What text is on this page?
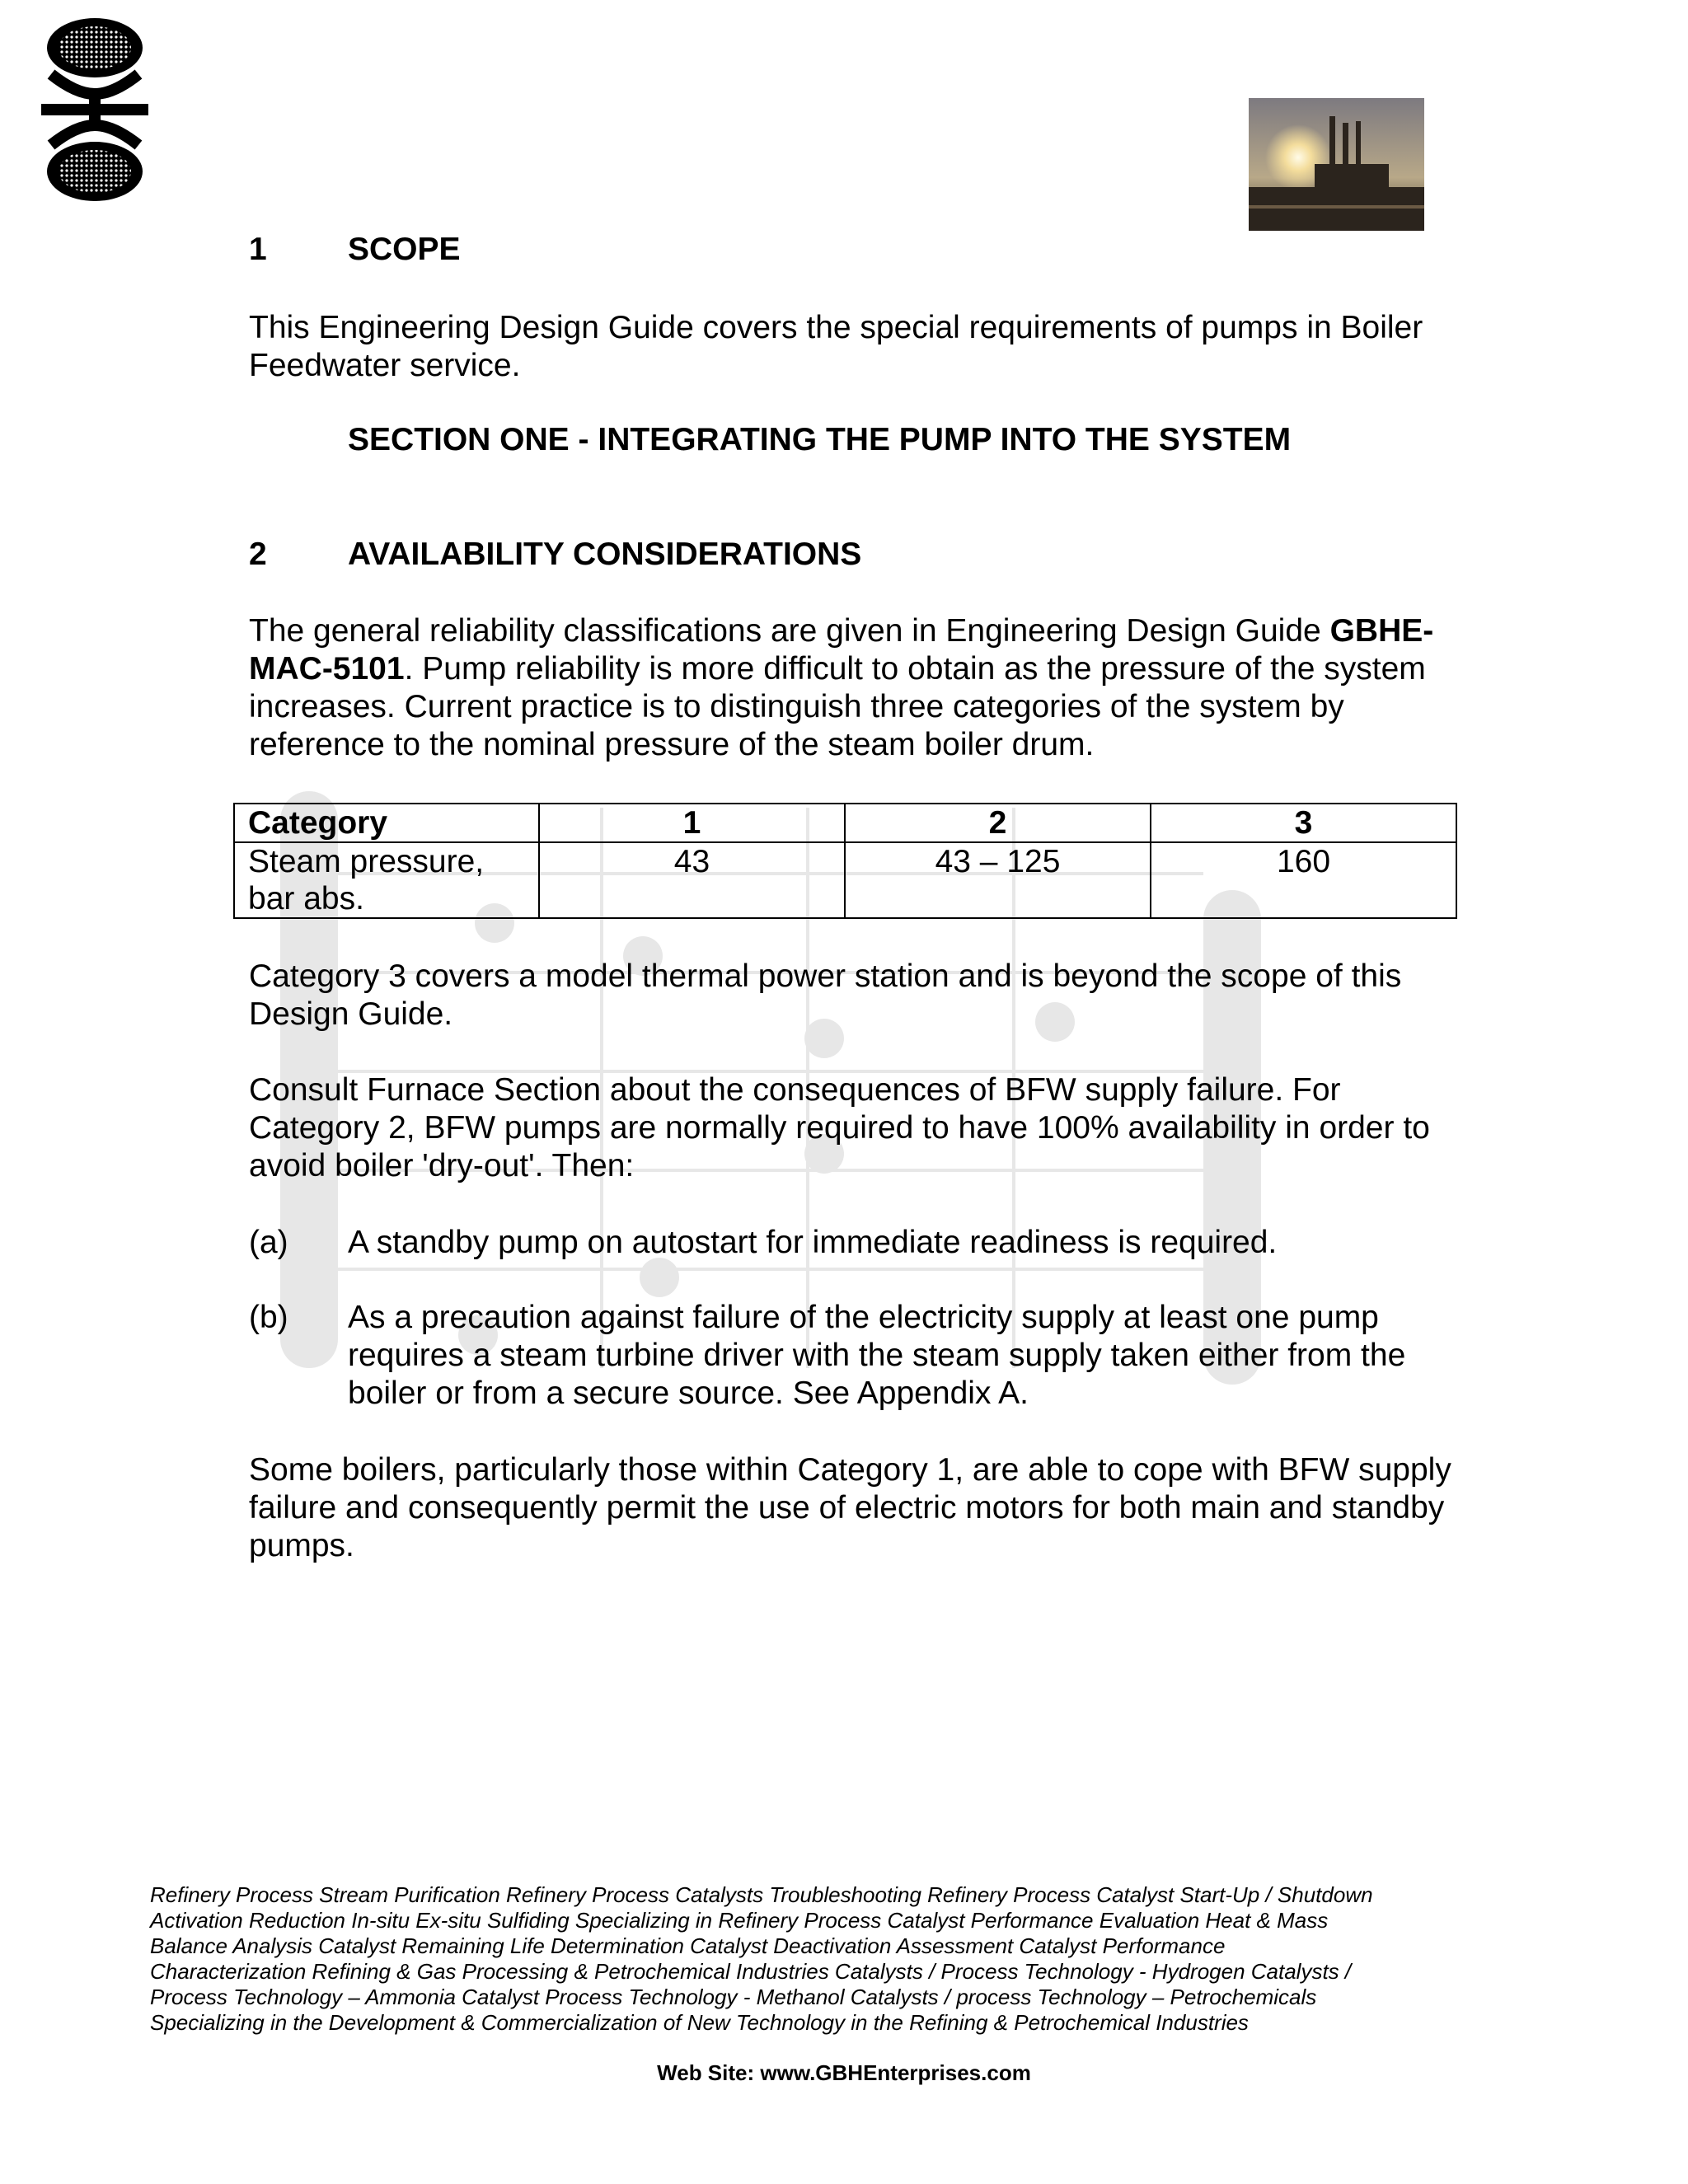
1	SCOPE
This Engineering Design Guide covers the special requirements of pumps in Boiler Feedwater service.
SECTION ONE - INTEGRATING THE PUMP INTO THE SYSTEM
2	AVAILABILITY CONSIDERATIONS
The general reliability classifications are given in Engineering Design Guide GBHE-MAC-5101. Pump reliability is more difficult to obtain as the pressure of the system increases. Current practice is to distinguish three categories of the system by reference to the nominal pressure of the steam boiler drum.
Category	1	2	3
Steam pressure, bar abs.	43	43 – 125	160
Category 3 covers a model thermal power station and is beyond the scope of this Design Guide.
Consult Furnace Section about the consequences of BFW supply failure. For Category 2, BFW pumps are normally required to have 100% availability in order to avoid boiler 'dry-out'. Then:
(a) A standby pump on autostart for immediate readiness is required.
(b) As a precaution against failure of the electricity supply at least one pump requires a steam turbine driver with the steam supply taken either from the boiler or from a secure source. See Appendix A.
Some boilers, particularly those within Category 1, are able to cope with BFW supply failure and consequently permit the use of electric motors for both main and standby pumps.
Refinery Process Stream Purification Refinery Process Catalysts Troubleshooting Refinery Process Catalyst Start-Up / Shutdown
Activation Reduction In-situ Ex-situ Sulfiding Specializing in Refinery Process Catalyst Performance Evaluation Heat & Mass
Balance Analysis Catalyst Remaining Life Determination Catalyst Deactivation Assessment Catalyst Performance
Characterization Refining & Gas Processing & Petrochemical Industries Catalysts / Process Technology - Hydrogen Catalysts /
Process Technology – Ammonia Catalyst Process Technology - Methanol Catalysts / process Technology – Petrochemicals
Specializing in the Development & Commercialization of New Technology in the Refining & Petrochemical Industries
Web Site: www.GBHEnterprises.com
